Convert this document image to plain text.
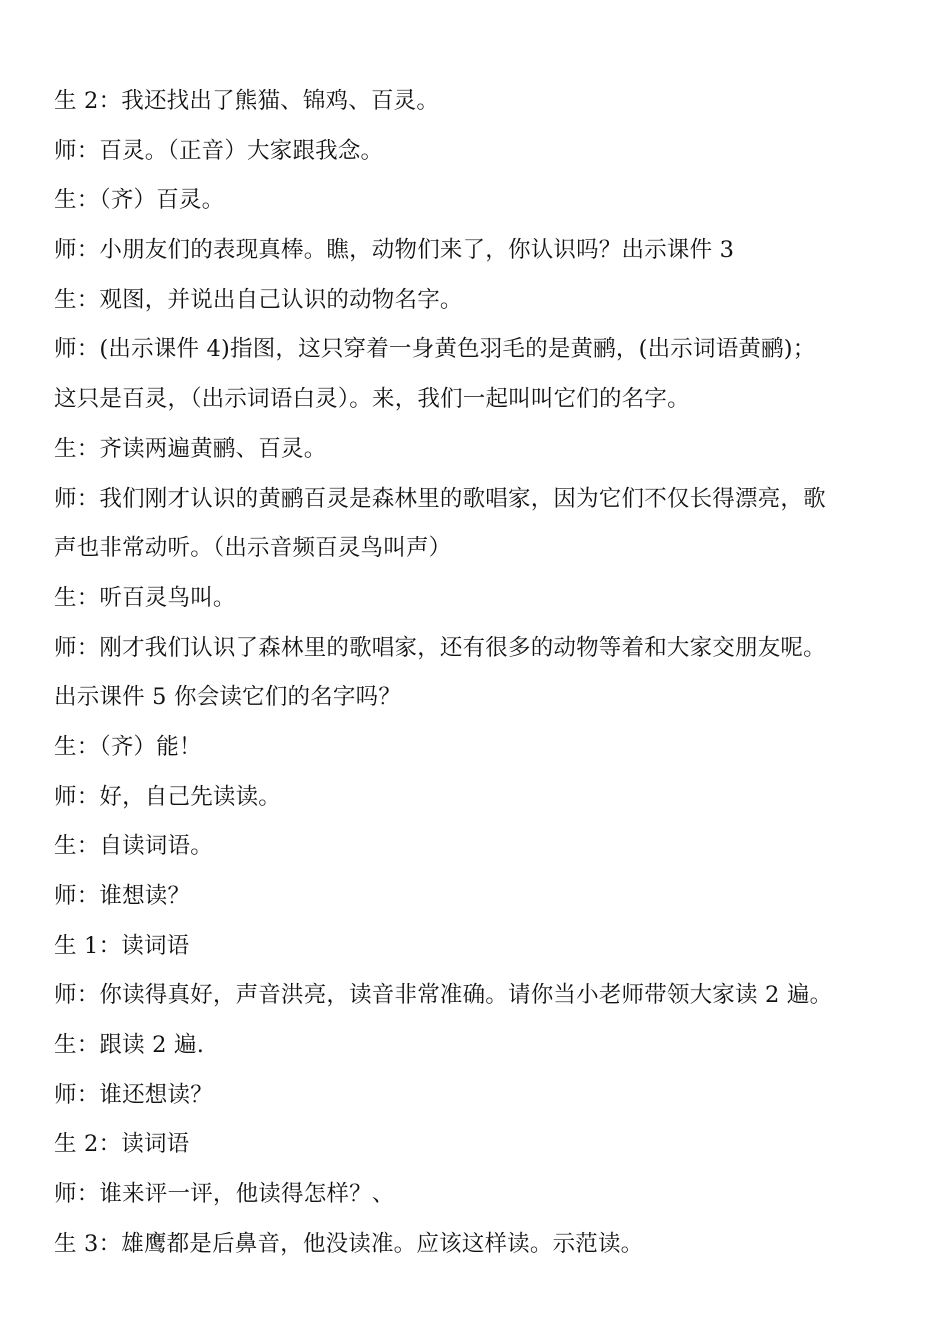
生 2：我还找出了熊猫、锦鸡、百灵。
师：百灵。（正音）大家跟我念。
生：（齐）百灵。
师：小朋友们的表现真棒。瞧，动物们来了，你认识吗？出示课件 3
生：观图，并说出自己认识的动物名字。
师：(出示课件 4)指图，这只穿着一身黄色羽毛的是黄鹂，(出示词语黄鹂)；
这只是百灵，（出示词语白灵）。来，我们一起叫叫它们的名字。
生：齐读两遍黄鹂、百灵。
师：我们刚才认识的黄鹂百灵是森林里的歌唱家，因为它们不仅长得漂亮，歌
声也非常动听。（出示音频百灵鸟叫声）
生：听百灵鸟叫。
师：刚才我们认识了森林里的歌唱家，还有很多的动物等着和大家交朋友呢。
出示课件 5 你会读它们的名字吗？
生：（齐）能！
师：好，自己先读读。
生：自读词语。
师：谁想读？
生 1：读词语
师：你读得真好，声音洪亮，读音非常准确。请你当小老师带领大家读 2 遍。
生：跟读 2 遍.
师：谁还想读？
生 2：读词语
师：谁来评一评，他读得怎样？、
生 3：雄鹰都是后鼻音，他没读准。应该这样读。示范读。
